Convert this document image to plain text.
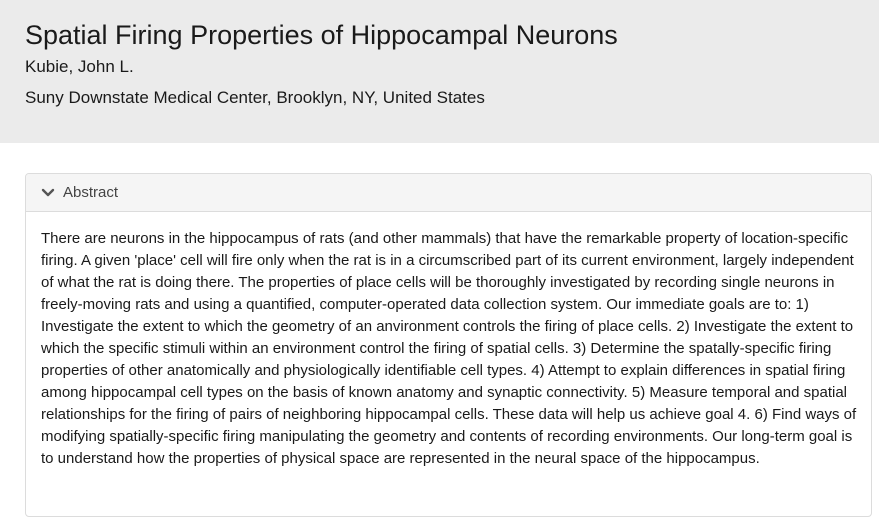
Spatial Firing Properties of Hippocampal Neurons
Kubie, John L.
Suny Downstate Medical Center, Brooklyn, NY, United States
Abstract
There are neurons in the hippocampus of rats (and other mammals) that have the remarkable property of location-specific firing. A given 'place' cell will fire only when the rat is in a circumscribed part of its current environment, largely independent of what the rat is doing there. The properties of place cells will be thoroughly investigated by recording single neurons in freely-moving rats and using a quantified, computer-operated data collection system. Our immediate goals are to: 1) Investigate the extent to which the geometry of an anvironment controls the firing of place cells. 2) Investigate the extent to which the specific stimuli within an environment control the firing of spatial cells. 3) Determine the spatally-specific firing properties of other anatomically and physiologically identifiable cell types. 4) Attempt to explain differences in spatial firing among hippocampal cell types on the basis of known anatomy and synaptic connectivity. 5) Measure temporal and spatial relationships for the firing of pairs of neighboring hippocampal cells. These data will help us achieve goal 4. 6) Find ways of modifying spatially-specific firing manipulating the geometry and contents of recording environments. Our long-term goal is to understand how the properties of physical space are represented in the neural space of the hippocampus.
